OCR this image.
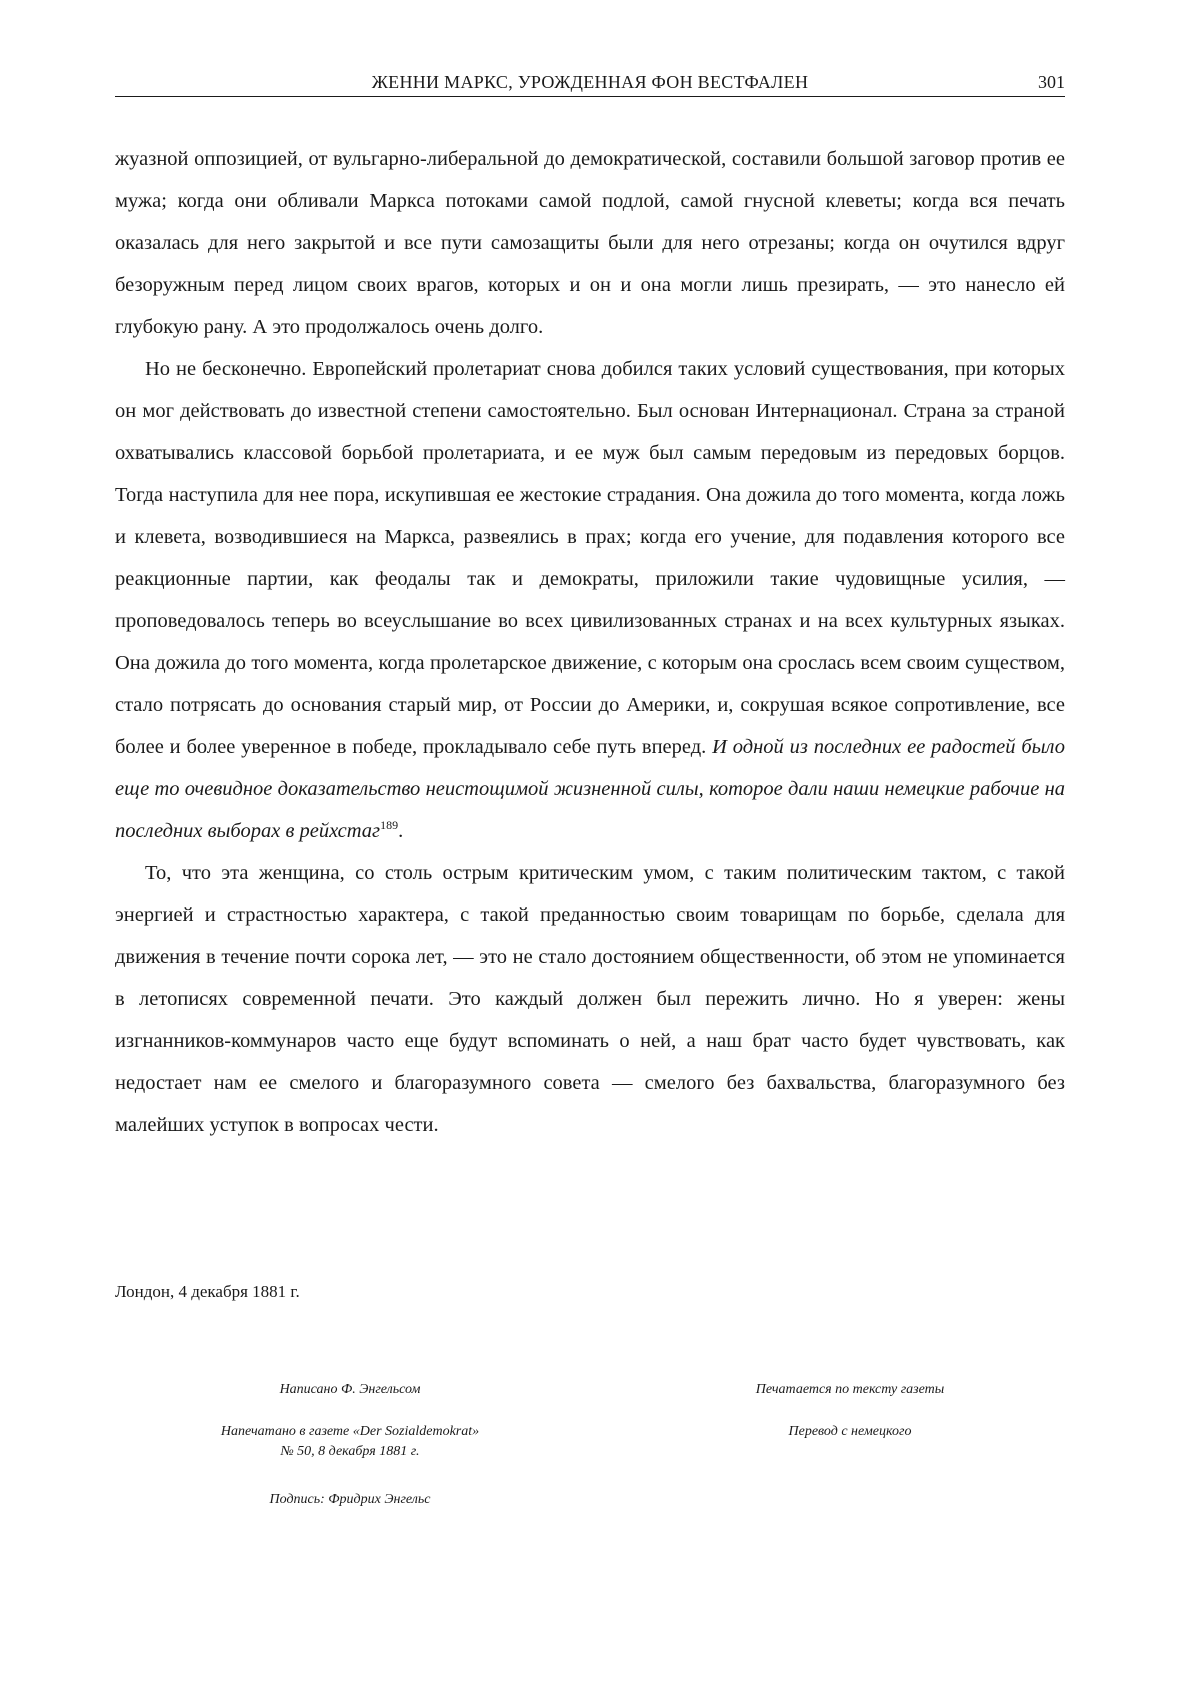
ЖЕННИ МАРКС, УРОЖДЕННАЯ ФОН ВЕСТФАЛЕН	301

жуазной оппозицией, от вульгарно-либеральной до демократической, составили большой заговор против ее мужа; когда они обливали Маркса потоками самой подлой, самой гнусной клеветы; когда вся печать оказалась для него закрытой и все пути самозащиты были для него отрезаны; когда он очутился вдруг безоружным перед лицом своих врагов, которых и он и она могли лишь презирать, — это нанесло ей глубокую рану. А это продолжалось очень долго.

Но не бесконечно. Европейский пролетариат снова добился таких условий существования, при которых он мог действовать до известной степени самостоятельно. Был основан Интернационал. Страна за страной охватывались классовой борьбой пролетариата, и ее муж был самым передовым из передовых борцов. Тогда наступила для нее пора, искупившая ее жестокие страдания. Она дожила до того момента, когда ложь и клевета, возводившиеся на Маркса, развеялись в прах; когда его учение, для подавления которого все реакционные партии, как феодалы так и демократы, приложили такие чудовищные усилия, — проповедовалось теперь во всеуслышание во всех цивилизованных странах и на всех культурных языках. Она дожила до того момента, когда пролетарское движение, с которым она срослась всем своим существом, стало потрясать до основания старый мир, от России до Америки, и, сокрушая всякое сопротивление, все более и более уверенное в победе, прокладывало себе путь вперед. И одной из последних ее радостей было еще то очевидное доказательство неистощимой жизненной силы, которое дали наши немецкие рабочие на последних выборах в рейхстаг$^{189}$.

То, что эта женщина, со столь острым критическим умом, с таким политическим тактом, с такой энергией и страстностью характера, с такой преданностью своим товарищам по борьбе, сделала для движения в течение почти сорока лет, — это не стало достоянием общественности, об этом не упоминается в летописях современной печати. Это каждый должен был пережить лично. Но я уверен: жены изгнанников-коммунаров часто еще будут вспоминать о ней, а наш брат часто будет чувствовать, как недостает нам ее смелого и благоразумного совета — смелого без бахвальства, благоразумного без малейших уступок в вопросах чести.

Лондон, 4 декабря 1881 г.
Написано Ф. Энгельсом
Напечатано в газете «Der Sozialdemokrat»
№ 50, 8 декабря 1881 г.
Подпись: Фридрих Энгельс
Печатается по тексту газеты
Перевод с немецкого
